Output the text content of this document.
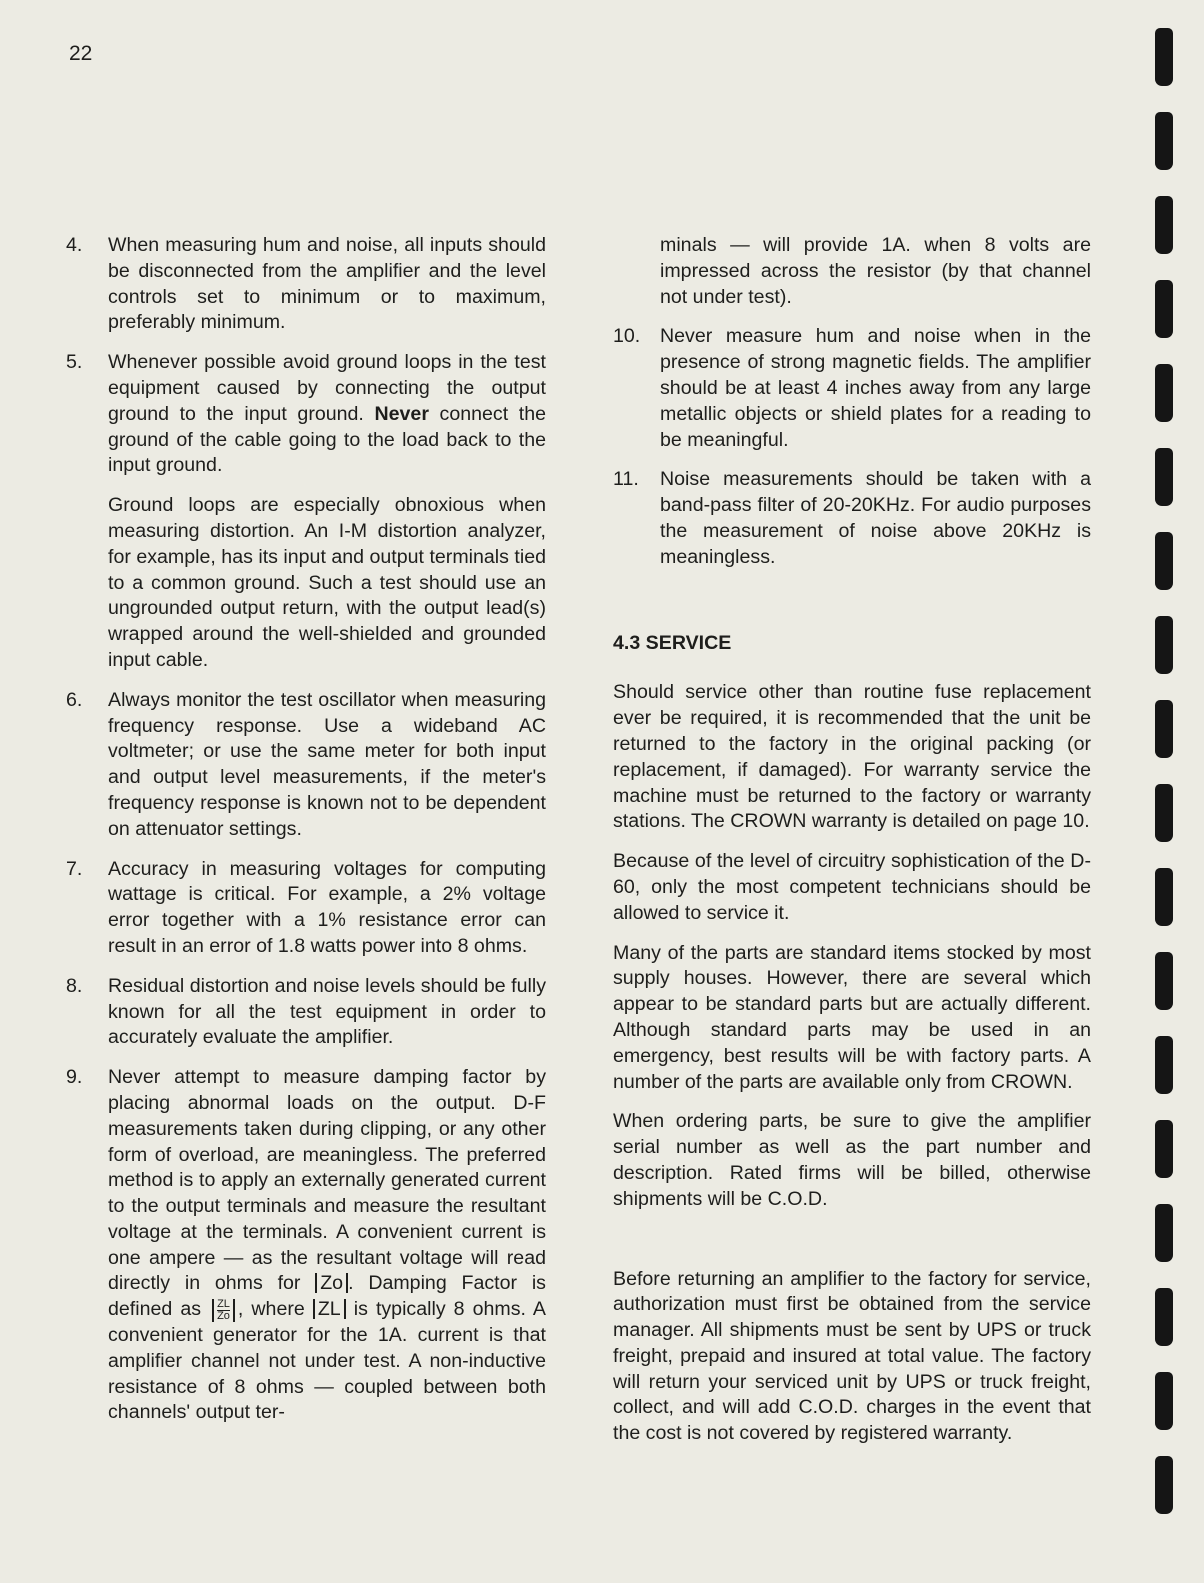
22
4. When measuring hum and noise, all inputs should be disconnected from the amplifier and the level controls set to minimum or to maximum, preferably minimum.

5. Whenever possible avoid ground loops in the test equipment caused by connecting the output ground to the input ground. Never connect the ground of the cable going to the load back to the input ground.

Ground loops are especially obnoxious when measuring distortion. An I-M distortion analyzer, for example, has its input and output terminals tied to a common ground. Such a test should use an ungrounded output return, with the output lead(s) wrapped around the well-shielded and grounded input cable.

6. Always monitor the test oscillator when measuring frequency response. Use a wideband AC voltmeter; or use the same meter for both input and output level measurements, if the meter's frequency response is known not to be dependent on attenuator settings.

7. Accuracy in measuring voltages for computing wattage is critical. For example, a 2% voltage error together with a 1% resistance error can result in an error of 1.8 watts power into 8 ohms.

8. Residual distortion and noise levels should be fully known for all the test equipment in order to accurately evaluate the amplifier.

9. Never attempt to measure damping factor by placing abnormal loads on the output. D-F measurements taken during clipping, or any other form of overload, are meaningless. The preferred method is to apply an externally generated current to the output terminals and measure the resultant voltage at the terminals. A convenient current is one ampere — as the resultant voltage will read directly in ohms for Zo . Damping Factor is defined as $\frac{ZL}{Zo}$ , where ZL is typically 8 ohms. A convenient generator for the 1A. current is that amplifier channel not under test. A non-inductive resistance of 8 ohms — coupled between both channels' output ter-

minals — will provide 1A. when 8 volts are impressed across the resistor (by that channel not under test).
10. Never measure hum and noise when in the presence of strong magnetic fields. The amplifier should be at least 4 inches away from any large metallic objects or shield plates for a reading to be meaningful.

11. Noise measurements should be taken with a band-pass filter of 20-20KHz. For audio purposes the measurement of noise above 20KHz is meaningless.

4.3 SERVICE

Should service other than routine fuse replacement ever be required, it is recommended that the unit be returned to the factory in the original packing (or replacement, if damaged). For warranty service the machine must be returned to the factory or warranty stations. The CROWN warranty is detailed on page 10.

Because of the level of circuitry sophistication of the D-60, only the most competent technicians should be allowed to service it.

Many of the parts are standard items stocked by most supply houses. However, there are several which appear to be standard parts but are actually different. Although standard parts may be used in an emergency, best results will be with factory parts. A number of the parts are available only from CROWN.

When ordering parts, be sure to give the amplifier serial number as well as the part number and description. Rated firms will be billed, otherwise shipments will be C.O.D.

Before returning an amplifier to the factory for service, authorization must first be obtained from the service manager. All shipments must be sent by UPS or truck freight, prepaid and insured at total value. The factory will return your serviced unit by UPS or truck freight, collect, and will add C.O.D. charges in the event that the cost is not covered by registered warranty.
